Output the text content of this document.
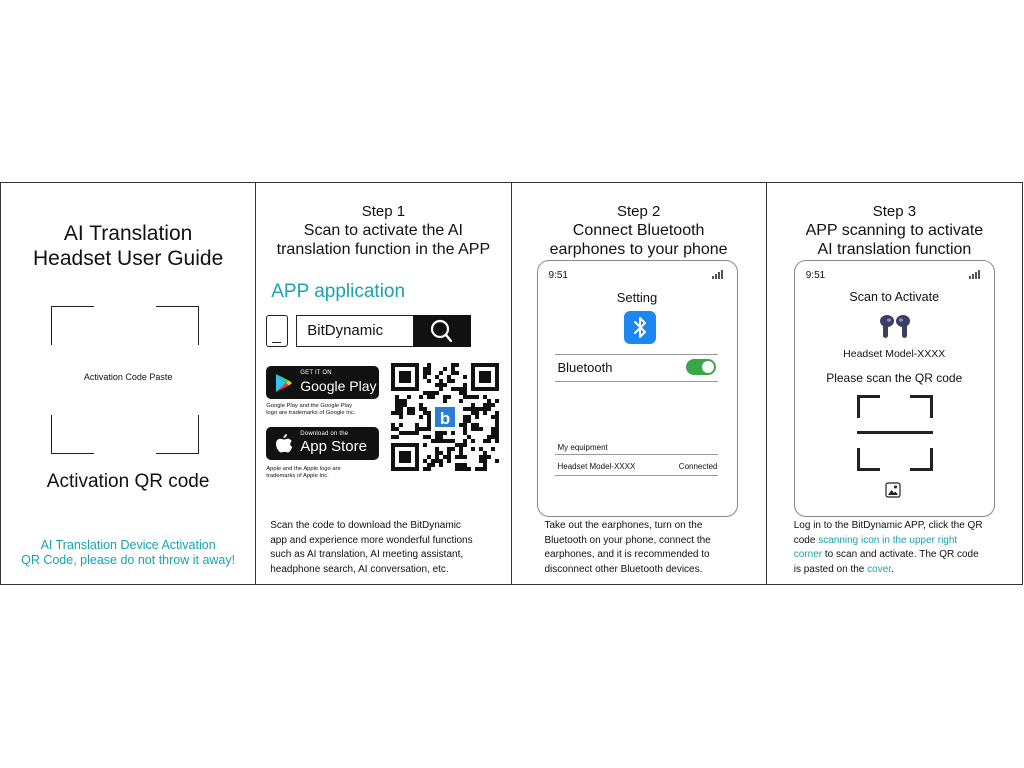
AI Translation
Headset User Guide
Activation Code Paste
Activation QR code
AI Translation Device Activation
QR Code, please do not throw it away!
Step 1
Scan to activate the AI
translation function in the APP
APP application
BitDynamic
GET IT ON
Google Play
Google Play and the Google Play
logo are trademarks of Google Inc.
Download on the
App Store
Apple and the Apple logo are
trademarks of Apple Inc.
b
Scan the code to download the BitDynamic
app and experience more wonderful functions
such as AI translation, AI meeting assistant,
headphone search, AI conversation, etc.
Step 2
Connect Bluetooth
earphones to your phone
9:51
Setting
Bluetooth
My equipment
Headset Model-XXXX	Connected
Take out the earphones, turn on the
Bluetooth on your phone, connect the
earphones, and it is recommended to
disconnect other Bluetooth devices.
Step 3
APP scanning to activate
AI translation function
9:51
Scan to Activate
Headset Model-XXXX
Please scan the QR code
Log in to the BitDynamic APP, click the QR
code scanning icon in the upper right
corner to scan and activate. The QR code
is pasted on the cover.
